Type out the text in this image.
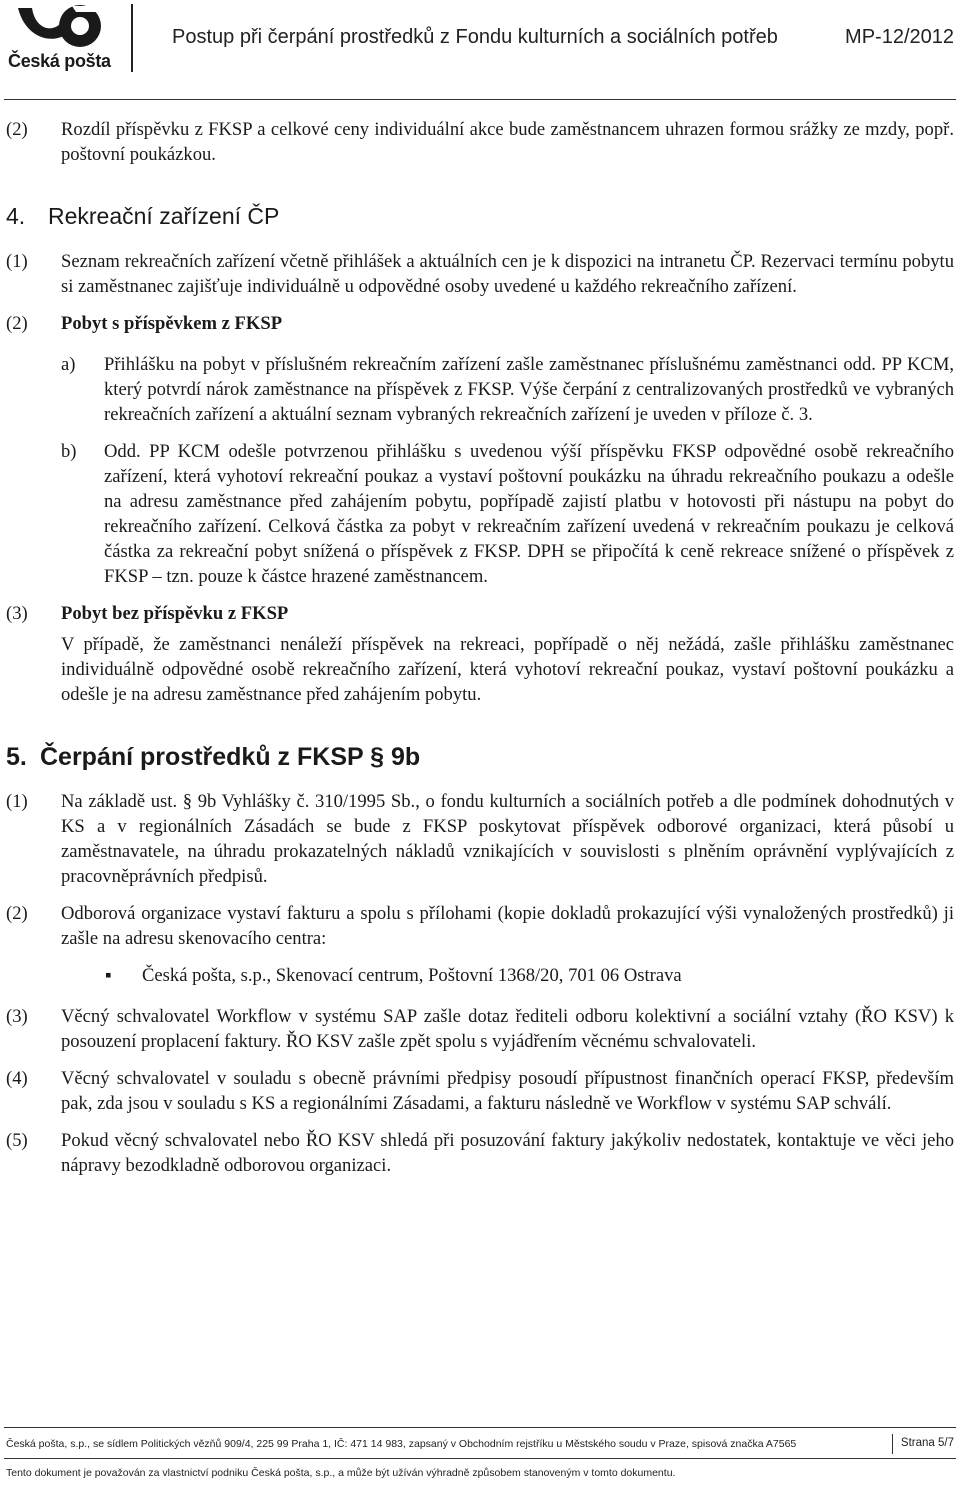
Česká pošta
Postup při čerpání prostředků z Fondu kulturních a sociálních potřeb	MP-12/2012
(2) Rozdíl příspěvku z FKSP a celkové ceny individuální akce bude zaměstnancem uhrazen formou srážky ze mzdy, popř. poštovní poukázkou.
4. Rekreační zařízení ČP
(1) Seznam rekreačních zařízení včetně přihlášek a aktuálních cen je k dispozici na intranetu ČP. Rezervaci termínu pobytu si zaměstnanec zajišťuje individuálně u odpovědné osoby uvedené u každého rekreačního zařízení.
(2) Pobyt s příspěvkem z FKSP
a) Přihlášku na pobyt v příslušném rekreačním zařízení zašle zaměstnanec příslušnému zaměstnanci odd. PP KCM, který potvrdí nárok zaměstnance na příspěvek z FKSP. Výše čerpání z centralizovaných prostředků ve vybraných rekreačních zařízení a aktuální seznam vybraných rekreačních zařízení je uveden v příloze č. 3.
b) Odd. PP KCM odešle potvrzenou přihlášku s uvedenou výší příspěvku FKSP odpovědné osobě rekreačního zařízení, která vyhotoví rekreační poukaz a vystaví poštovní poukázku na úhradu rekreačního poukazu a odešle na adresu zaměstnance před zahájením pobytu, popřípadě zajistí platbu v hotovosti při nástupu na pobyt do rekreačního zařízení. Celková částka za pobyt v rekreačním zařízení uvedená v rekreačním poukazu je celková částka za rekreační pobyt snížená o příspěvek z FKSP. DPH se připočítá k ceně rekreace snížené o příspěvek z FKSP – tzn. pouze k částce hrazené zaměstnancem.
(3) Pobyt bez příspěvku z FKSP
V případě, že zaměstnanci nenáleží příspěvek na rekreaci, popřípadě o něj nežádá, zašle přihlášku zaměstnanec individuálně odpovědné osobě rekreačního zařízení, která vyhotoví rekreační poukaz, vystaví poštovní poukázku a odešle je na adresu zaměstnance před zahájením pobytu.
5. Čerpání prostředků z FKSP § 9b
(1) Na základě ust. § 9b Vyhlášky č. 310/1995 Sb., o fondu kulturních a sociálních potřeb a dle podmínek dohodnutých v KS a v regionálních Zásadách se bude z FKSP poskytovat příspěvek odborové organizaci, která působí u zaměstnavatele, na úhradu prokazatelných nákladů vznikajících v souvislosti s plněním oprávnění vyplývajících z pracovněprávních předpisů.
(2) Odborová organizace vystaví fakturu a spolu s přílohami (kopie dokladů prokazující výši vynaložených prostředků) ji zašle na adresu skenovacího centra:
▪ Česká pošta, s.p., Skenovací centrum, Poštovní 1368/20, 701 06 Ostrava
(3) Věcný schvalovatel Workflow v systému SAP zašle dotaz řediteli odboru kolektivní a sociální vztahy (ŘO KSV) k posouzení proplacení faktury. ŘO KSV zašle zpět spolu s vyjádřením věcnému schvalovateli.
(4) Věcný schvalovatel v souladu s obecně právními předpisy posoudí přípustnost finančních operací FKSP, především pak, zda jsou v souladu s KS a regionálními Zásadami, a fakturu následně ve Workflow v systému SAP schválí.
(5) Pokud věcný schvalovatel nebo ŘO KSV shledá při posuzování faktury jakýkoliv nedostatek, kontaktuje ve věci jeho nápravy bezodkladně odborovou organizaci.
Česká pošta, s.p., se sídlem Politických vězňů 909/4, 225 99 Praha 1, IČ: 471 14 983, zapsaný v Obchodním rejstříku u Městského soudu v Praze, spisová značka A7565	Strana 5/7
Tento dokument je považován za vlastnictví podniku Česká pošta, s.p., a může být užíván výhradně způsobem stanoveným v tomto dokumentu.
